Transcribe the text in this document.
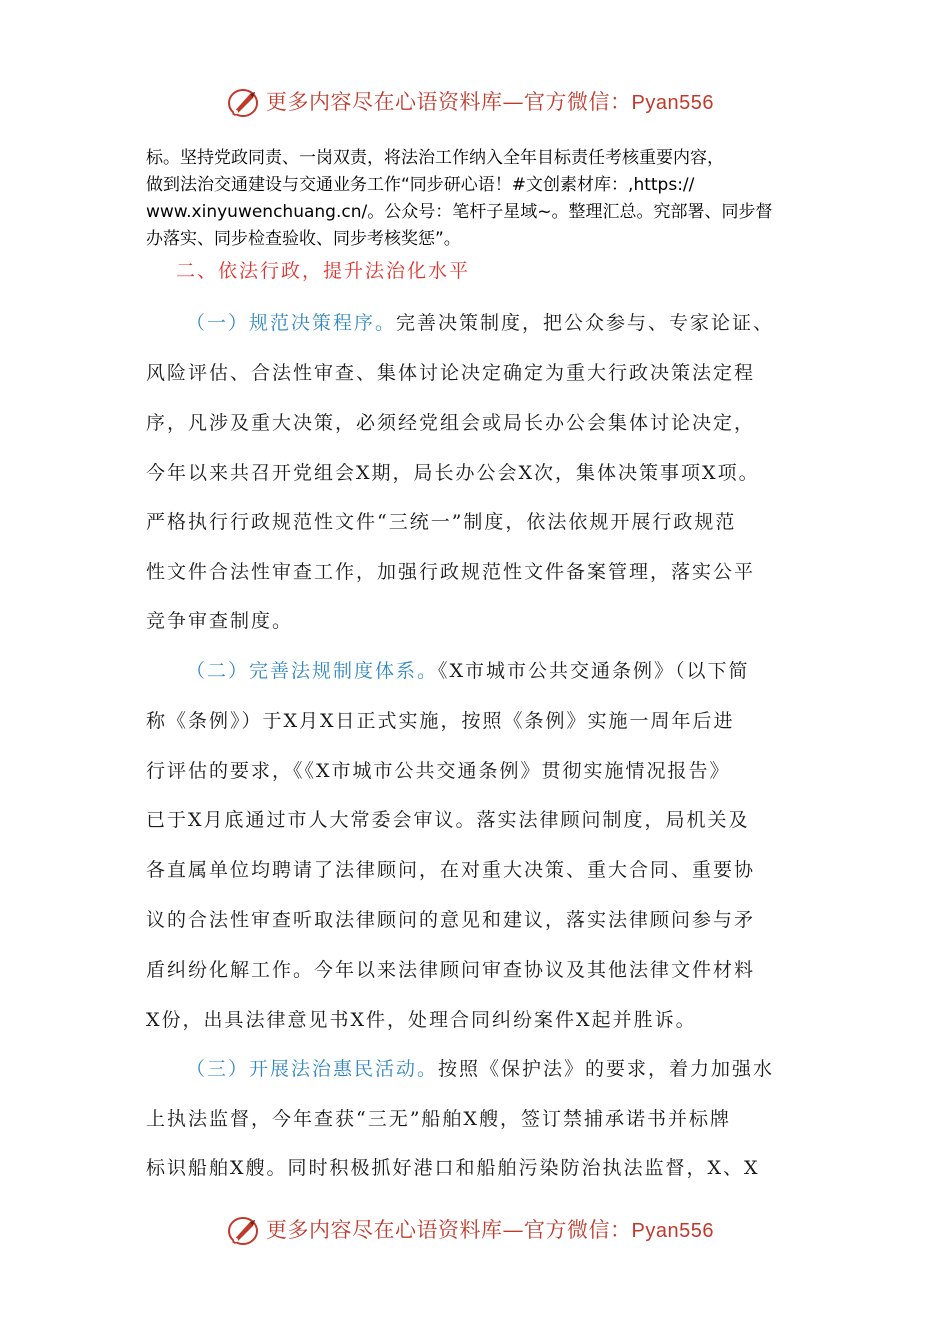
更多内容尽在心语资料库—官方微信：Pyan556

标。坚持党政同责、一岗双责，将法治工作纳入全年目标责任考核重要内容，

做到法治交通建设与交通业务工作“同步研心语！#文创素材库：,https://

www.xinyuwenchuang.cn/。公众号：笔杆子星域~。整理汇总。究部署、同步督

办落实、同步检查验收、同步考核奖惩”。

二、依法行政，提升法治化水平
（一）规范决策程序。完善决策制度，把公众参与、专家论证、
风险评估、合法性审查、集体讨论决定确定为重大行政决策法定程
序，凡涉及重大决策，必须经党组会或局长办公会集体讨论决定，
今年以来共召开党组会X期，局长办公会X次，集体决策事项X项。
严格执行行政规范性文件“三统一”制度，依法依规开展行政规范
性文件合法性审查工作，加强行政规范性文件备案管理，落实公平
竞争审查制度。
（二）完善法规制度体系。《X市城市公共交通条例》（以下简
称《条例》）于X月X日正式实施，按照《条例》实施一周年后进
行评估的要求，《《X市城市公共交通条例》贯彻实施情况报告》
已于X月底通过市人大常委会审议。落实法律顾问制度，局机关及
各直属单位均聘请了法律顾问，在对重大决策、重大合同、重要协
议的合法性审查听取法律顾问的意见和建议，落实法律顾问参与矛
盾纠纷化解工作。今年以来法律顾问审查协议及其他法律文件材料
X份，出具法律意见书X件，处理合同纠纷案件X起并胜诉。
（三）开展法治惠民活动。按照《保护法》的要求，着力加强水
上执法监督，今年查获“三无”船舶X艘，签订禁捕承诺书并标牌
标识船舶X艘。同时积极抓好港口和船舶污染防治执法监督，X、X
更多内容尽在心语资料库—官方微信：Pyan556
